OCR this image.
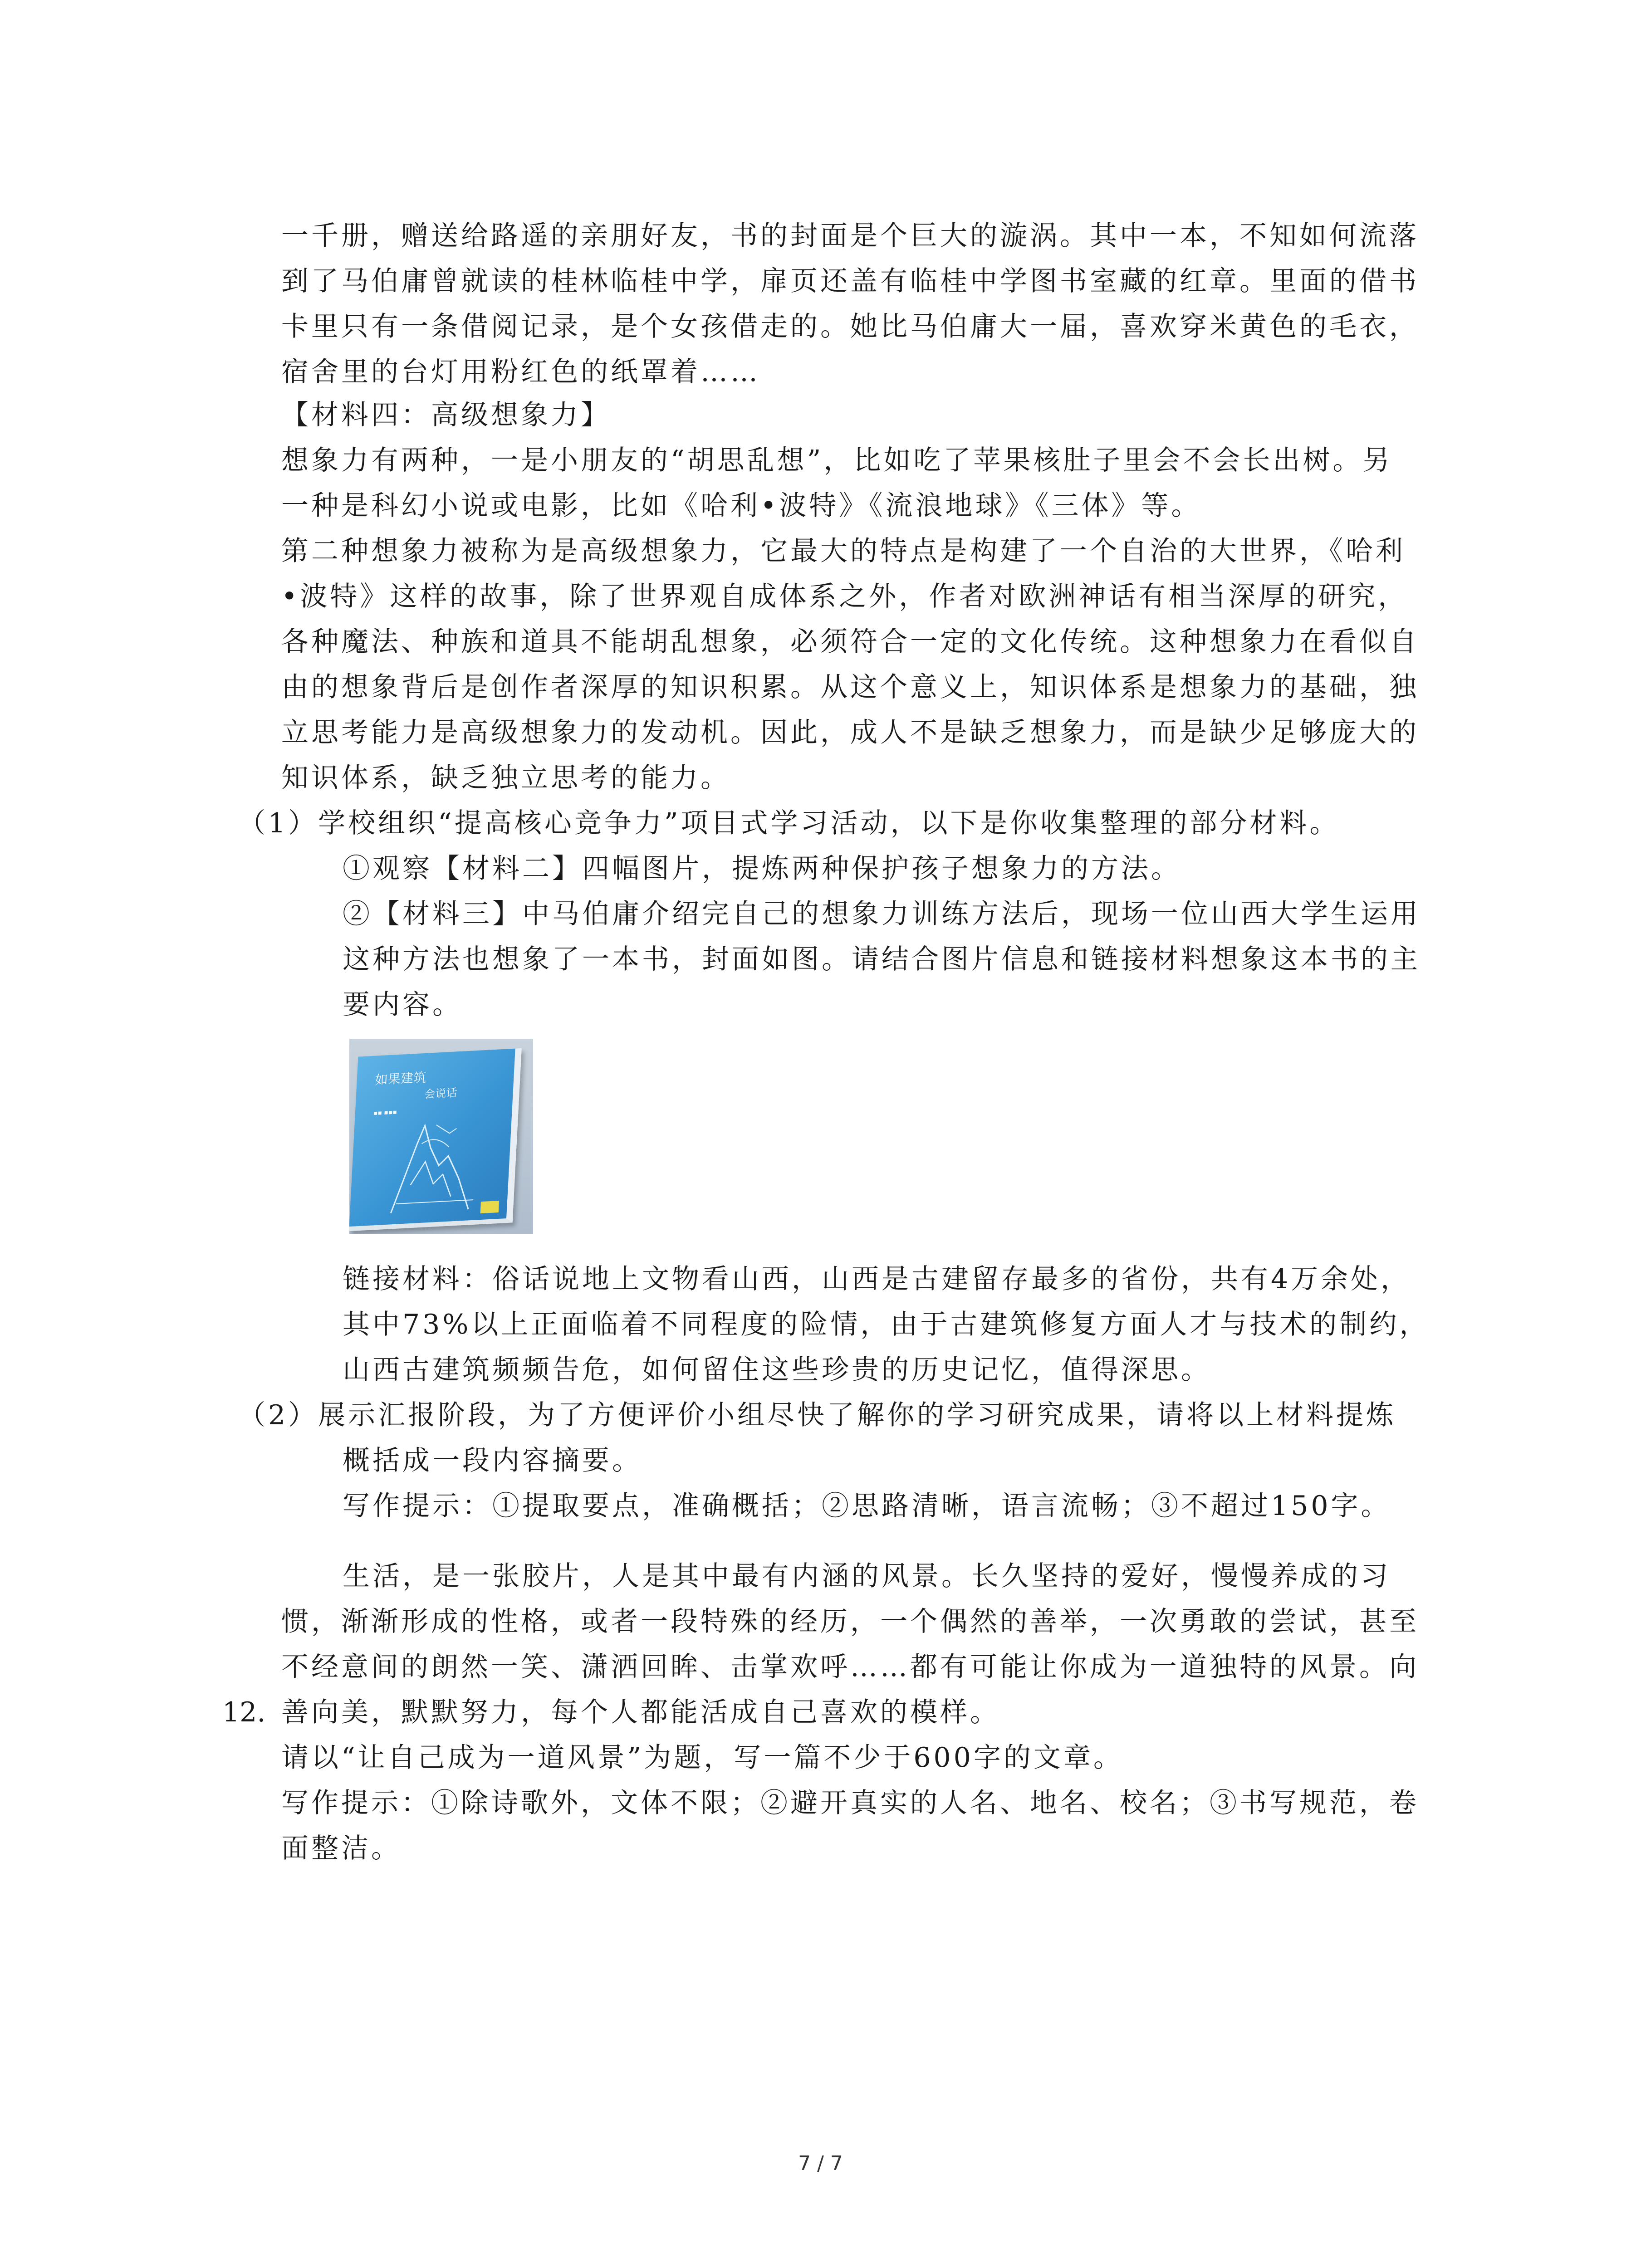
一千册，赠送给路遥的亲朋好友，书的封面是个巨大的漩涡。其中一本，不知如何流落
到了马伯庸曾就读的桂林临桂中学，扉页还盖有临桂中学图书室藏的红章。里面的借书
卡里只有一条借阅记录，是个女孩借走的。她比马伯庸大一届，喜欢穿米黄色的毛衣，
宿舍里的台灯用粉红色的纸罩着……
【材料四：高级想象力】
想象力有两种，一是小朋友的“胡思乱想”，比如吃了苹果核肚子里会不会长出树。另
一种是科幻小说或电影，比如《哈利•波特》《流浪地球》《三体》等。
第二种想象力被称为是高级想象力，它最大的特点是构建了一个自治的大世界，《哈利
•波特》这样的故事，除了世界观自成体系之外，作者对欧洲神话有相当深厚的研究，
各种魔法、种族和道具不能胡乱想象，必须符合一定的文化传统。这种想象力在看似自
由的想象背后是创作者深厚的知识积累。从这个意义上，知识体系是想象力的基础，独
立思考能力是高级想象力的发动机。因此，成人不是缺乏想象力，而是缺少足够庞大的
知识体系，缺乏独立思考的能力。
（1）学校组织“提高核心竞争力”项目式学习活动，以下是你收集整理的部分材料。
①观察【材料二】四幅图片，提炼两种保护孩子想象力的方法。
②【材料三】中马伯庸介绍完自己的想象力训练方法后，现场一位山西大学生运用
这种方法也想象了一本书，封面如图。请结合图片信息和链接材料想象这本书的主
要内容。
如果建筑
会说话
▪▪ ▪▪▪
链接材料：俗话说地上文物看山西，山西是古建留存最多的省份，共有4万余处，
其中73%以上正面临着不同程度的险情，由于古建筑修复方面人才与技术的制约，
山西古建筑频频告危，如何留住这些珍贵的历史记忆，值得深思。
（2）展示汇报阶段，为了方便评价小组尽快了解你的学习研究成果，请将以上材料提炼
概括成一段内容摘要。
写作提示：①提取要点，准确概括；②思路清晰，语言流畅；③不超过150字。
生活，是一张胶片，人是其中最有内涵的风景。长久坚持的爱好，慢慢养成的习
惯，渐渐形成的性格，或者一段特殊的经历，一个偶然的善举，一次勇敢的尝试，甚至
不经意间的朗然一笑、潇洒回眸、击掌欢呼……都有可能让你成为一道独特的风景。向
12. 善向美，默默努力，每个人都能活成自己喜欢的模样。
请以“让自己成为一道风景”为题，写一篇不少于600字的文章。
写作提示：①除诗歌外，文体不限；②避开真实的人名、地名、校名；③书写规范，卷
面整洁。
7 / 7
